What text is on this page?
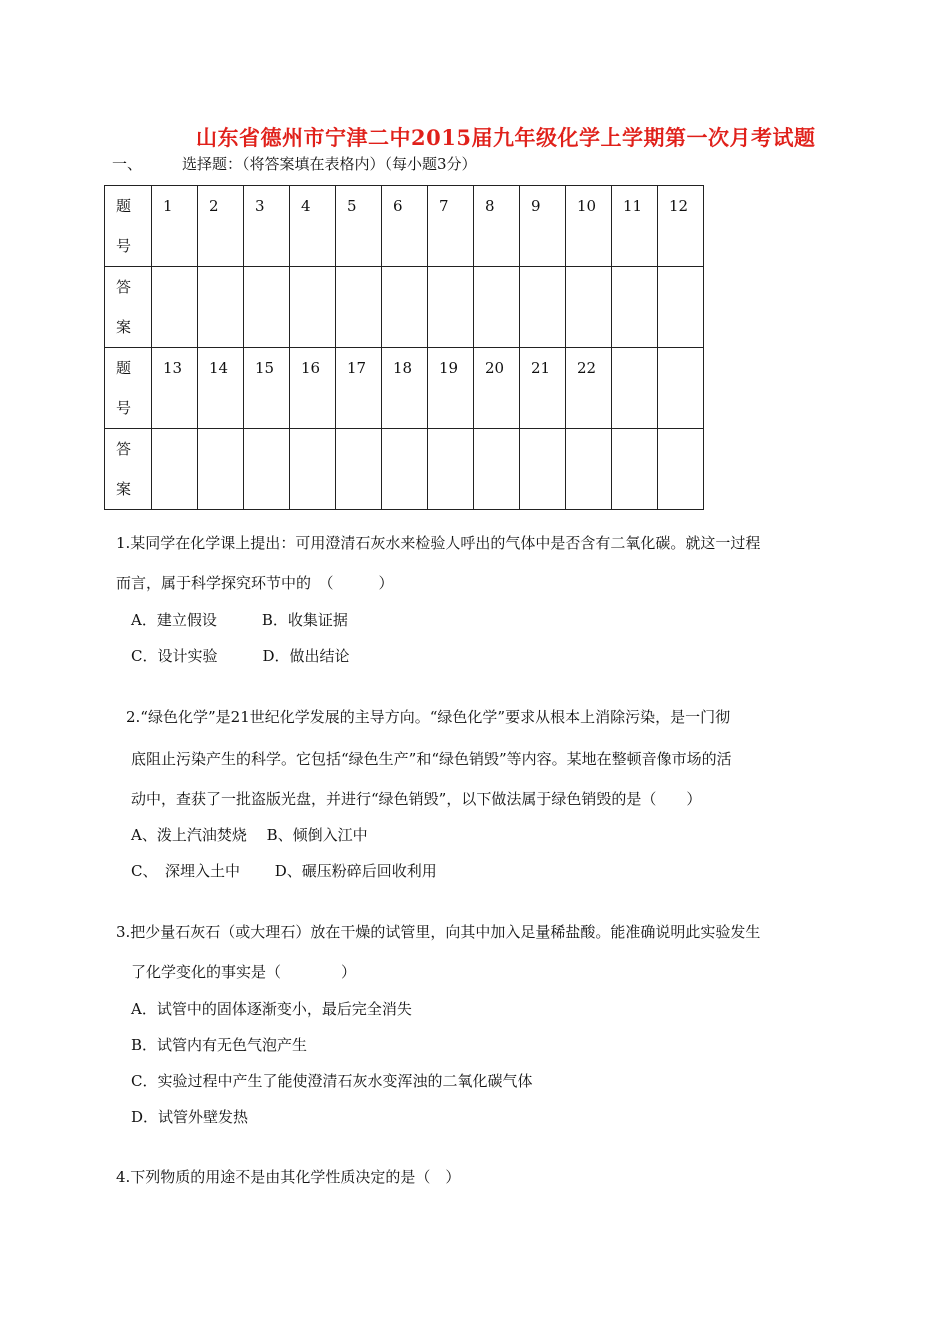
山东省德州市宁津二中2015届九年级化学上学期第一次月考试题
一、	选择题：（将答案填在表格内）（每小题3分）
题
号	1	2	3	4	5	6	7	8	9	10	11	12
答
案												
题
号	13	14	15	16	17	18	19	20	21	22		
答
案												
1.某同学在化学课上提出：可用澄清石灰水来检验人呼出的气体中是否含有二氧化碳。就这一过程
而言，属于科学探究环节中的　（　　　）
A．建立假设　　　B．收集证据
C．设计实验　　　D．做出结论
2.“绿色化学”是21世纪化学发展的主导方向。“绿色化学”要求从根本上消除污染，是一门彻
底阻止污染产生的科学。它包括“绿色生产”和“绿色销毁”等内容。某地在整顿音像市场的活
动中，查获了一批盗版光盘，并进行“绿色销毁”，以下做法属于绿色销毁的是（　　）
A、泼上汽油焚烧　 B、倾倒入江中
C、　深埋入土中　　 D、碾压粉碎后回收利用
3.把少量石灰石（或大理石）放在干燥的试管里，向其中加入足量稀盐酸。能准确说明此实验发生
了化学变化的事实是（　　　　）
A．试管中的固体逐渐变小，最后完全消失
B．试管内有无色气泡产生
C．实验过程中产生了能使澄清石灰水变浑浊的二氧化碳气体
D．试管外壁发热
4.下列物质的用途不是由其化学性质决定的是（　）
